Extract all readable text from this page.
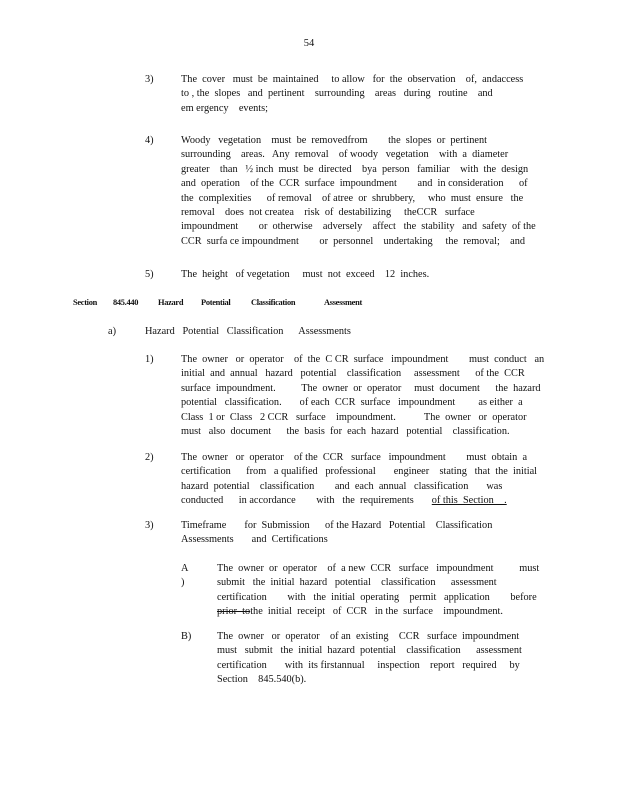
54
3)	The  cover   must  be  maintained     to allow   for  the  observation    of,  andaccess
to , the  slopes   and  pertinent    surrounding    areas   during   routine    and
em ergency    events;
4)	Woody   vegetation    must  be  removedfrom        the  slopes  or  pertinent
surrounding    areas.   Any  removal    of woody   vegetation    with  a  diameter
greater    than   ½ inch  must  be  directed    bya  person   familiar    with  the  design
and  operation    of the  CCR  surface  impoundment        and  in consideration      of
the  complexities      of removal    of atree  or  shrubbery,     who  must  ensure   the
removal    does  not createa    risk  of  destabilizing     theCCR   surface
impoundment        or  otherwise    adversely    affect   the  stability   and  safety  of the
CCR  surfa ce impoundment        or  personnel    undertaking     the  removal;    and
5)	The  height   of vegetation     must  not  exceed    12  inches.

Section

845.440

Hazard

Potential

Classification

	Assessment

a)	Hazard   Potential   Classification      Assessments
1)	The  owner   or  operator    of  the  C CR  surface   impoundment        must  conduct   an
initial  and  annual   hazard   potential    classification     assessment      of the  CCR
surface  impoundment.          The  owner  or  operator     must  document      the  hazard
potential   classification.       of each  CCR  surface   impoundment         as either  a
Class  1 or  Class   2 CCR   surface    impoundment.           The  owner   or  operator
must   also  document      the  basis  for  each  hazard   potential    classification.
2)	The  owner   or  operator    of the  CCR   surface   impoundment        must  obtain  a
certification      from   a qualified   professional       engineer    stating   that  the  initial
hazard  potential    classification        and  each  annual   classification       was
conducted      in accordance        with   the  requirements       of this  Section    .
3)	Timeframe       for  Submission      of the Hazard   Potential    Classification
Assessments       and  Certifications
A )
The  owner  or  operator    of  a new  CCR   surface   impoundment          must
submit   the  initial  hazard   potential    classification      assessment
certification        with   the  initial  operating    permit   application        before
prior  tothe  initial  receipt   of  CCR   in the  surface    impoundment.
B) The  owner   or  operator    of an  existing    CCR   surface  impoundment
must   submit   the  initial  hazard  potential    classification      assessment
certification       with  its firstannual     inspection    report   required     by
Section    845.540(b).
